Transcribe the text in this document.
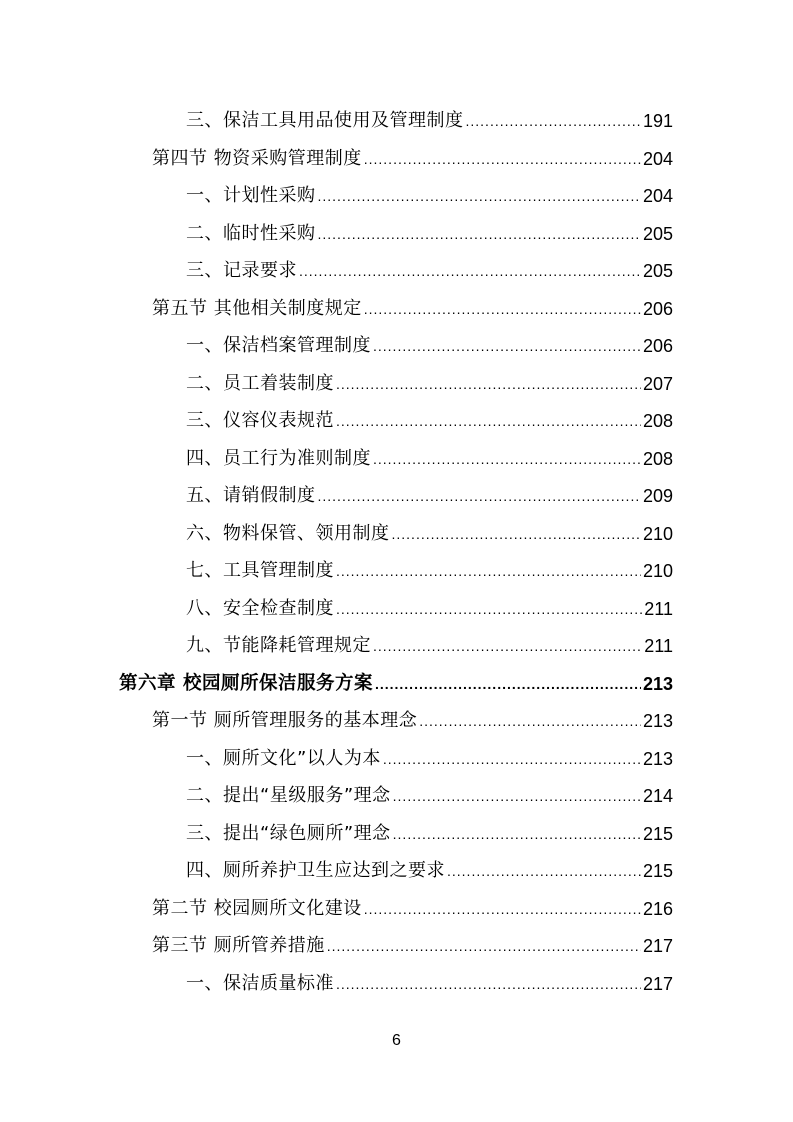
三、保洁工具用品使用及管理制度 .....	191
第四节 物资采购管理制度 .....	204
一、计划性采购 .....	204
二、临时性采购 .....	205
三、记录要求 .....	205
第五节 其他相关制度规定 .....	206
一、保洁档案管理制度 .....	206
二、员工着装制度 .....	207
三、仪容仪表规范 .....	208
四、员工行为准则制度 .....	208
五、请销假制度 .....	209
六、物料保管、领用制度 .....	210
七、工具管理制度 .....	210
八、安全检查制度 .....	211
九、节能降耗管理规定 .....	211
第六章 校园厕所保洁服务方案 .....	213
第一节 厕所管理服务的基本理念 .....	213
一、厕所文化”以人为本 .....	213
二、提出“星级服务”理念 .....	214
三、提出“绿色厕所”理念 .....	215
四、厕所养护卫生应达到之要求 .....	215
第二节 校园厕所文化建设 .....	216
第三节 厕所管养措施 .....	217
一、保洁质量标准 .....	217
6
